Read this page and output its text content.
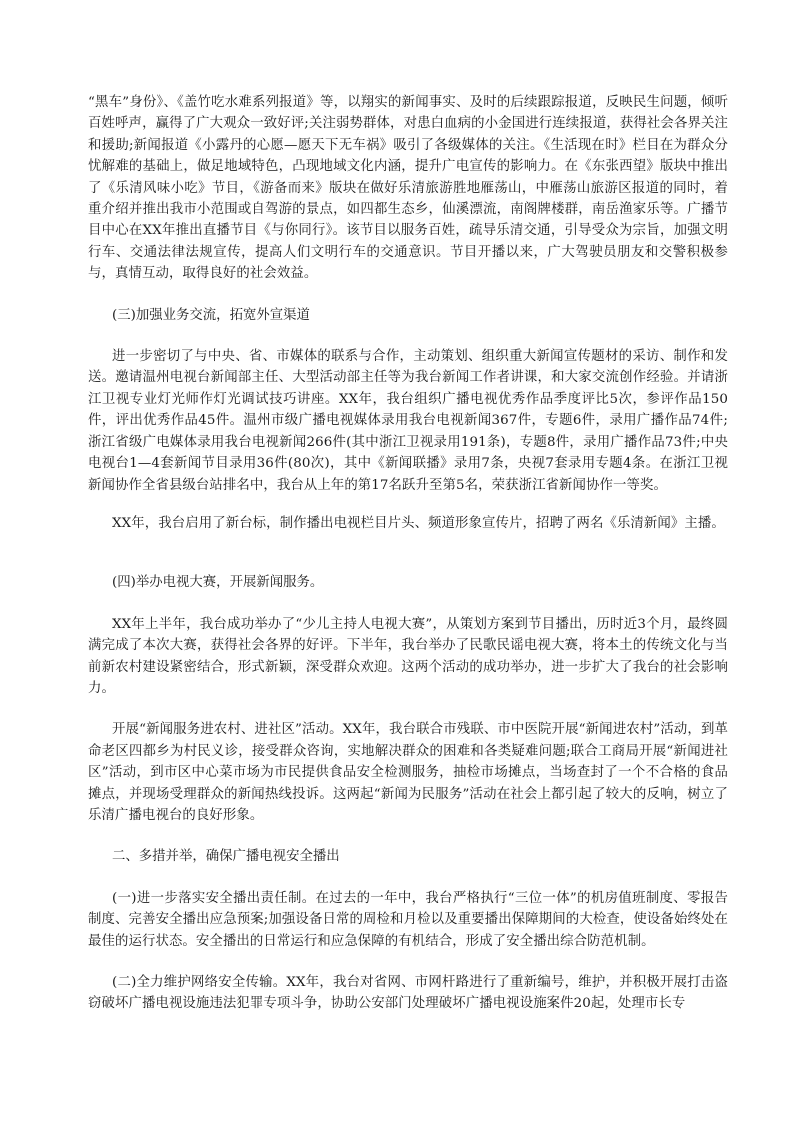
“黑车”身份》、《盖竹吃水难系列报道》等，以翔实的新闻事实、及时的后续跟踪报道，反映民生问题，倾听百姓呼声，赢得了广大观众一致好评;关注弱势群体，对患白血病的小金国进行连续报道，获得社会各界关注和援助;新闻报道《小露丹的心愿—愿天下无车祸》吸引了各级媒体的关注。《生活现在时》栏目在为群众分忧解难的基础上，做足地域特色，凸现地域文化内涵，提升广电宣传的影响力。在《东张西望》版块中推出了《乐清风味小吃》节目，《游备而来》版块在做好乐清旅游胜地雁荡山，中雁荡山旅游区报道的同时，着重介绍并推出我市小范围或自驾游的景点，如四都生态乡，仙溪漂流，南阁牌楼群，南岳渔家乐等。广播节目中心在XX年推出直播节目《与你同行》。该节目以服务百姓，疏导乐清交通，引导受众为宗旨，加强文明行车、交通法律法规宣传，提高人们文明行车的交通意识。节目开播以来，广大驾驶员朋友和交警积极参与，真情互动，取得良好的社会效益。

(三)加强业务交流，拓宽外宣渠道

进一步密切了与中央、省、市媒体的联系与合作，主动策划、组织重大新闻宣传题材的采访、制作和发送。邀请温州电视台新闻部主任、大型活动部主任等为我台新闻工作者讲课，和大家交流创作经验。并请浙江卫视专业灯光师作灯光调试技巧讲座。XX年，我台组织广播电视优秀作品季度评比5次，参评作品150件，评出优秀作品45件。温州市级广播电视媒体录用我台电视新闻367件，专题6件，录用广播作品74件;浙江省级广电媒体录用我台电视新闻266件(其中浙江卫视录用191条)，专题8件，录用广播作品73件;中央电视台1—4套新闻节目录用36件(80次)，其中《新闻联播》录用7条，央视7套录用专题4条。在浙江卫视新闻协作全省县级台站排名中，我台从上年的第17名跃升至第5名，荣获浙江省新闻协作一等奖。

XX年，我台启用了新台标，制作播出电视栏目片头、频道形象宣传片，招聘了两名《乐清新闻》主播。

(四)举办电视大赛，开展新闻服务。

XX年上半年，我台成功举办了“少儿主持人电视大赛”，从策划方案到节目播出，历时近3个月，最终圆满完成了本次大赛，获得社会各界的好评。下半年，我台举办了民歌民谣电视大赛，将本土的传统文化与当前新农村建设紧密结合，形式新颖，深受群众欢迎。这两个活动的成功举办，进一步扩大了我台的社会影响力。

开展“新闻服务进农村、进社区”活动。XX年，我台联合市残联、市中医院开展“新闻进农村”活动，到革命老区四都乡为村民义诊，接受群众咨询，实地解决群众的困难和各类疑难问题;联合工商局开展“新闻进社区”活动，到市区中心菜市场为市民提供食品安全检测服务，抽检市场摊点，当场查封了一个不合格的食品摊点，并现场受理群众的新闻热线投诉。这两起“新闻为民服务”活动在社会上都引起了较大的反响，树立了乐清广播电视台的良好形象。

二、多措并举，确保广播电视安全播出

(一)进一步落实安全播出责任制。在过去的一年中，我台严格执行“三位一体”的机房值班制度、零报告制度、完善安全播出应急预案;加强设备日常的周检和月检以及重要播出保障期间的大检查，使设备始终处在最佳的运行状态。安全播出的日常运行和应急保障的有机结合，形成了安全播出综合防范机制。

(二)全力维护网络安全传输。XX年，我台对省网、市网杆路进行了重新编号，维护，并积极开展打击盗窃破坏广播电视设施违法犯罪专项斗争，协助公安部门处理破坏广播电视设施案件20起，处理市长专
